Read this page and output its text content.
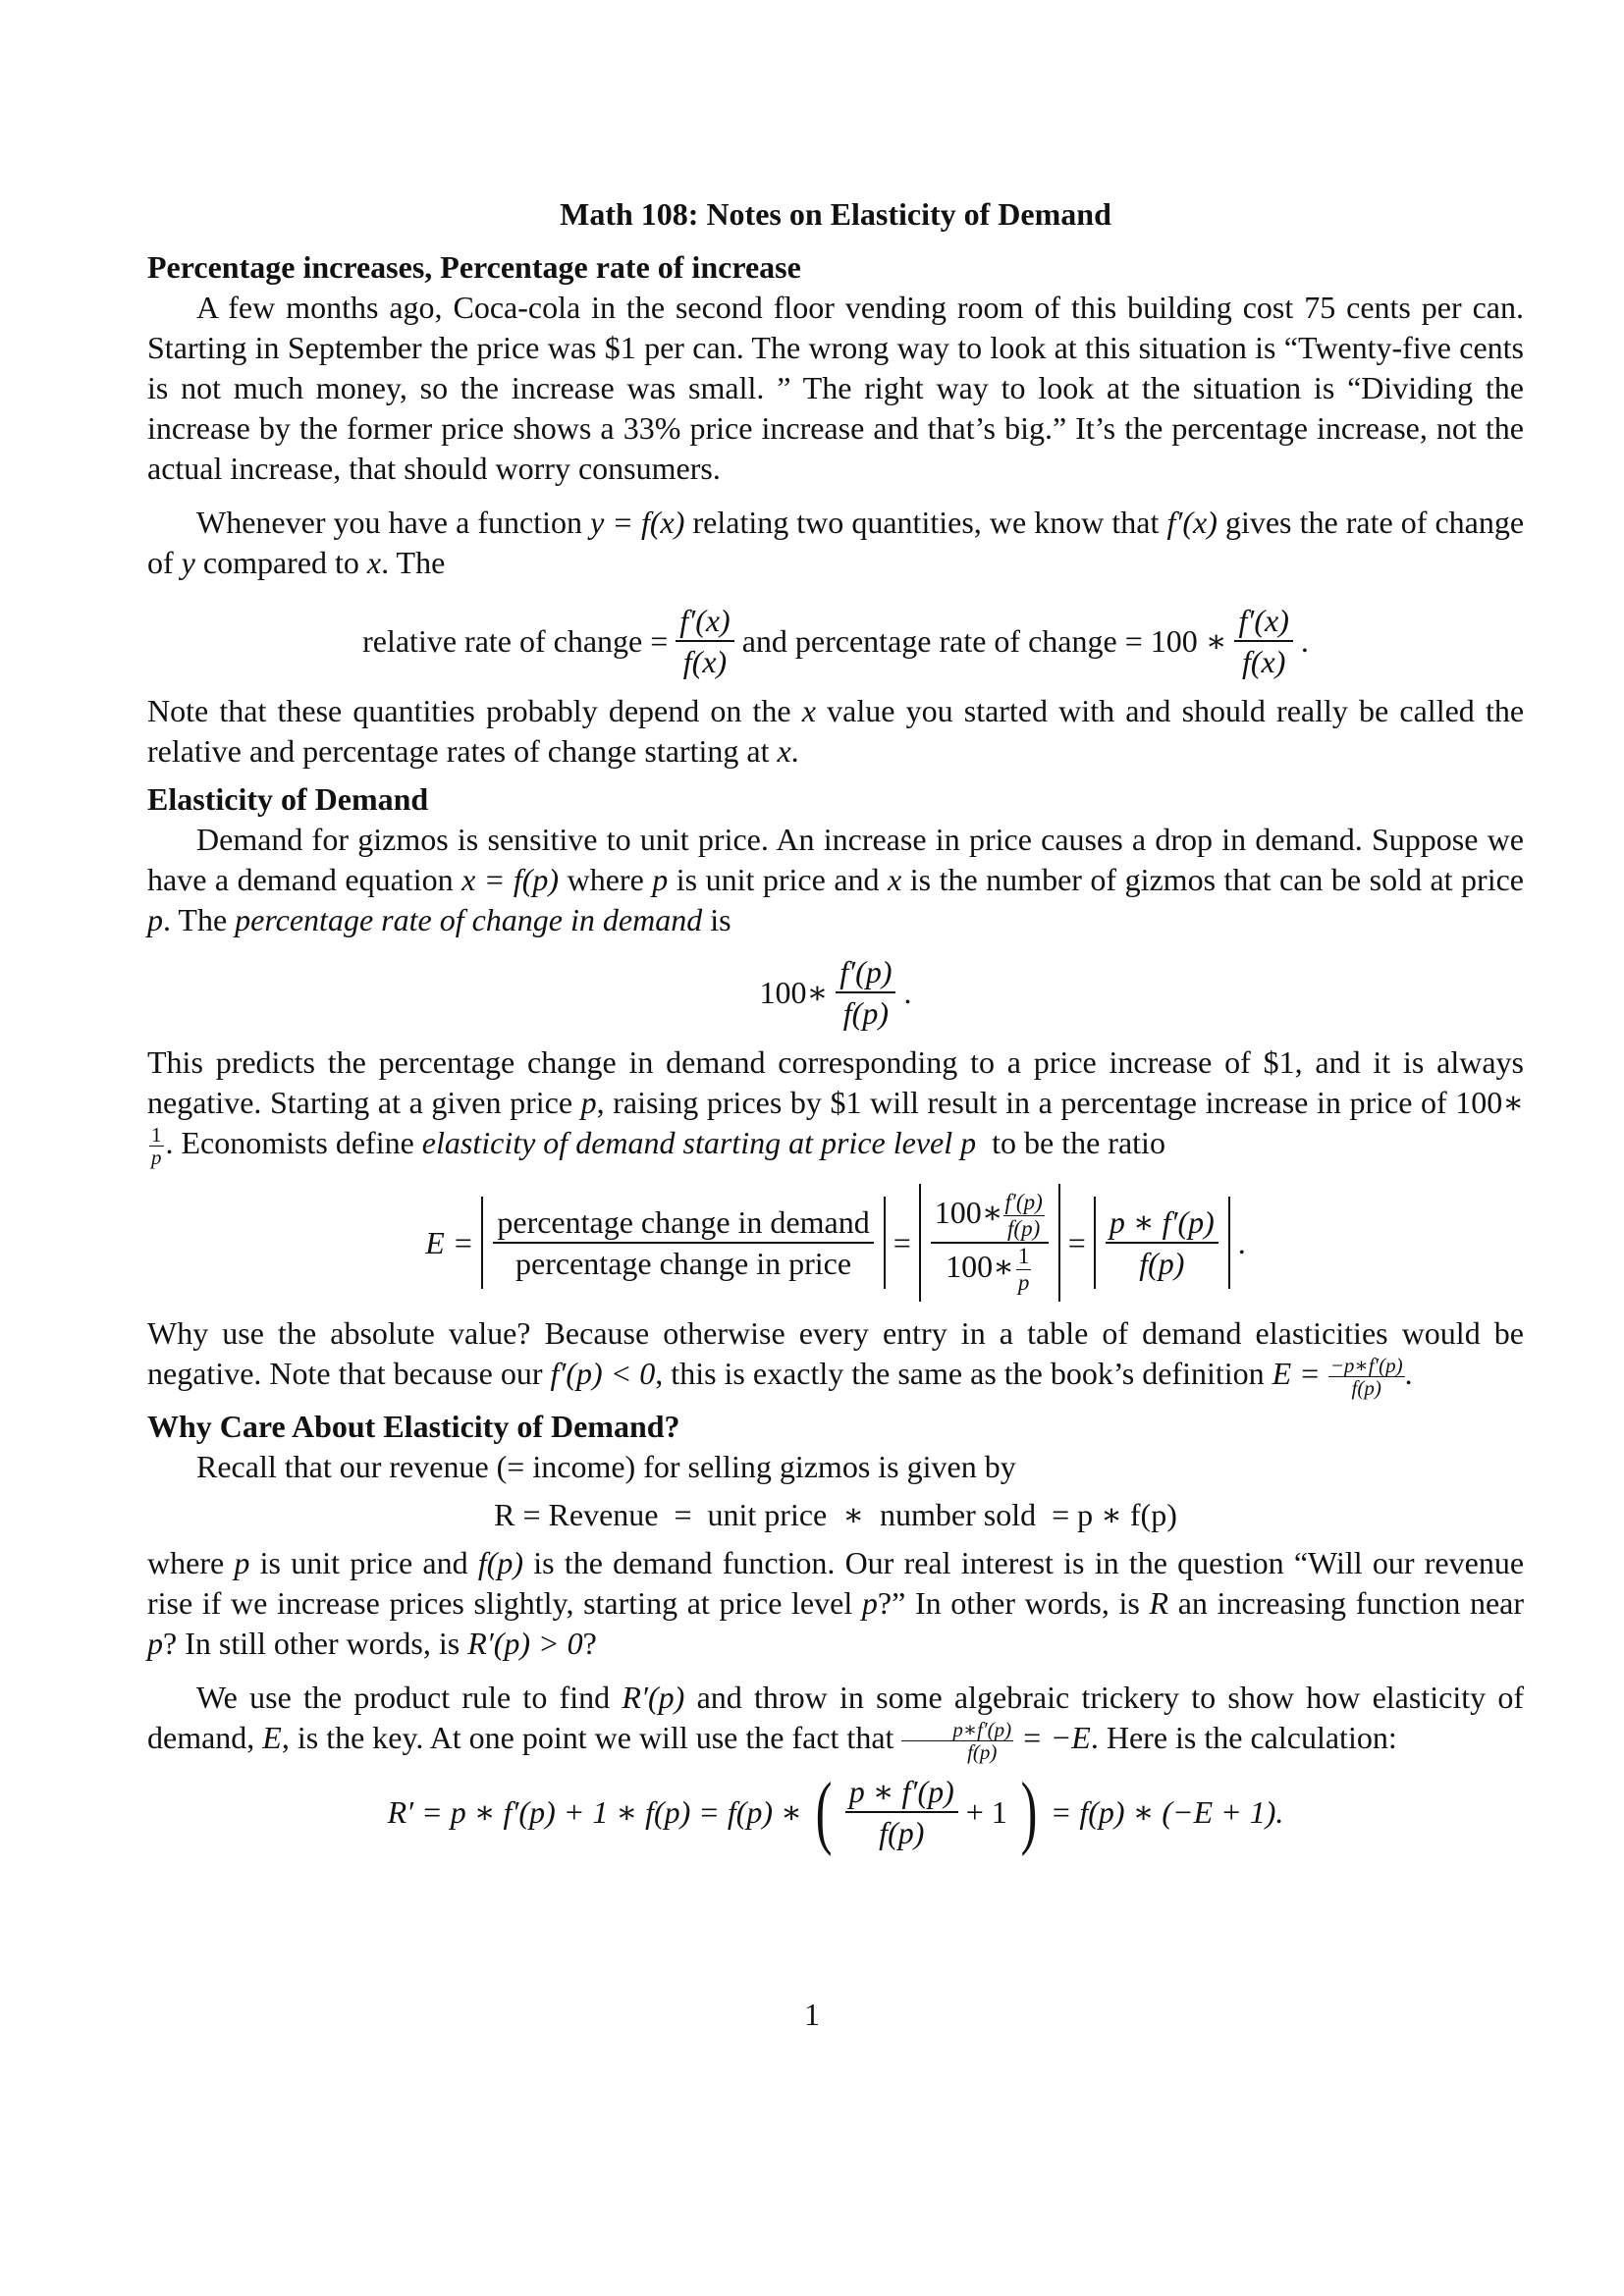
Math 108: Notes on Elasticity of Demand
Percentage increases, Percentage rate of increase

A few months ago, Coca-cola in the second floor vending room of this building cost 75 cents per can. Starting in September the price was $1 per can. The wrong way to look at this situation is “Twenty-five cents is not much money, so the increase was small. ” The right way to look at the situation is “Dividing the increase by the former price shows a 33% price increase and that’s big.” It’s the percentage increase, not the actual increase, that should worry consumers.

Whenever you have a function y = f(x) relating two quantities, we know that f′(x) gives the rate of change of y compared to x. The

relative rate of change = $\frac{f'(x)}{f(x)}$ and percentage rate of change = 100 ∗ $\frac{f'(x)}{f(x)}$ .

Note that these quantities probably depend on the x value you started with and should really be called the relative and percentage rates of change starting at x.

Elasticity of Demand

Demand for gizmos is sensitive to unit price. An increase in price causes a drop in demand. Suppose we have a demand equation x = f(p) where p is unit price and x is the number of gizmos that can be sold at price p. The percentage rate of change in demand is

100∗ $\frac{f'(p)}{f(p)}$ .

This predicts the percentage change in demand corresponding to a price increase of $1, and it is always negative. Starting at a given price p, raising prices by $1 will result in a percentage increase in price of 100∗
$\frac{1}{p}$ . Economists define elasticity of demand starting at price level p to be the ratio

$E = \frac{\text{percentage change in demand}}{\text{percentage change in price}} = \frac{100∗ \frac{f'(p)}{f(p)}}{100∗ \frac{1}{p}} = \frac{p ∗ f'(p)}{f(p)}$ .

Why use the absolute value? Because otherwise every entry in a table of demand elasticities would be negative. Note that because our f′(p) < 0, this is exactly the same as the book’s definition $E = \frac{-p∗f'(p)}{f(p)}$ .

Why Care About Elasticity of Demand?

Recall that our revenue (= income) for selling gizmos is given by

R = Revenue  =  unit price  ∗  number sold  = p ∗ f(p)

where p is unit price and f(p) is the demand function. Our real interest is in the question “Will our revenue rise if we increase prices slightly, starting at price level p?” In other words, is R an increasing function near p? In still other words, is R′(p) > 0?

We use the product rule to find R′(p) and throw in some algebraic trickery to show how elasticity of demand, E, is the key. At one point we will use the fact that $\frac{p∗f'(p)}{f(p)} = -E$. Here is the calculation:

R′ = p ∗ f′(p) + 1 ∗ f(p) = f(p) ∗ ( $\frac{p ∗ f'(p)}{f(p)} + 1$ ) = f(p) ∗ (−E + 1).
1
